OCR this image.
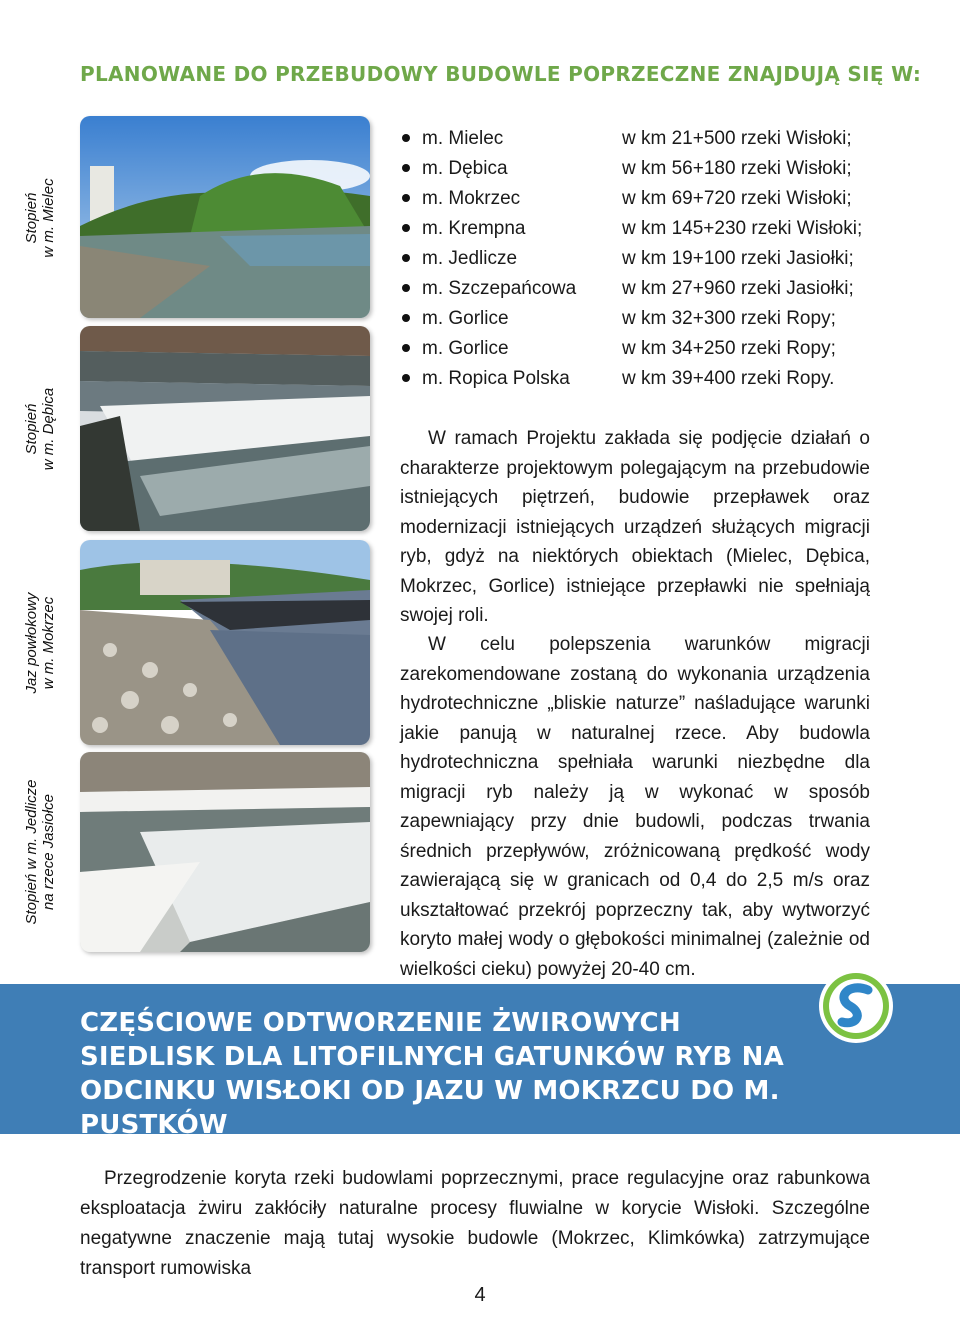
PLANOWANE DO PRZEBUDOWY BUDOWLE POPRZECZNE ZNAJDUJĄ SIĘ W:
Stopień w m. Mielec
Stopień w m. Dębica
Jaz powłokowy w m. Mokrzec
Stopień w m. Jedlicze na rzece Jasiołce
m. Mielec	w km 21+500 rzeki Wisłoki;
m. Dębica	w km 56+180 rzeki Wisłoki;
m. Mokrzec	w km 69+720 rzeki Wisłoki;
m. Krempna	w km 145+230 rzeki Wisłoki;
m. Jedlicze	w km 19+100 rzeki Jasiołki;
m. Szczepańcowa w km 27+960 rzeki Jasiołki;
m. Gorlice	w km 32+300 rzeki Ropy;
m. Gorlice	w km 34+250 rzeki Ropy;
m. Ropica Polska	w km 39+400 rzeki Ropy.

W ramach Projektu zakłada się podjęcie działań o charakterze projektowym polegającym na przebudowie istniejących piętrzeń, budowie przepławek oraz modernizacji istniejących urządzeń służących migracji ryb, gdyż na niektórych obiektach (Mielec, Dębica, Mokrzec, Gorlice) istniejące przepławki nie spełniają swojej roli.

W celu polepszenia warunków migracji zarekomendowane zostaną do wykonania urządzenia hydrotechniczne „bliskie naturze” naśladujące warunki jakie panują w naturalnej rzece. Aby budowla hydrotechniczna spełniała warunki niezbędne dla migracji ryb należy ją w wykonać w sposób zapewniający przy dnie budowli, podczas trwania średnich przepływów, zróżnicowaną prędkość wody zawierającą się w granicach od 0,4 do 2,5 m/s oraz ukształtować przekrój poprzeczny tak, aby wytworzyć koryto małej wody o głębokości minimalnej (zależnie od wielkości cieku) powyżej 20-40 cm.

CZĘŚCIOWE ODTWORZENIE ŻWIROWYCH SIEDLISK DLA LITOFILNYCH GATUNKÓW RYB NA ODCINKU WISŁOKI OD JAZU W MOKRZCU DO M. PUSTKÓW

Przegrodzenie koryta rzeki budowlami poprzecznymi, prace regulacyjne oraz rabunkowa eksploatacja żwiru zakłóciły naturalne procesy fluwialne w korycie Wisłoki. Szczególne negatywne znaczenie mają tutaj wysokie budowle (Mokrzec, Klimkówka) zatrzymujące transport rumowiska

4
